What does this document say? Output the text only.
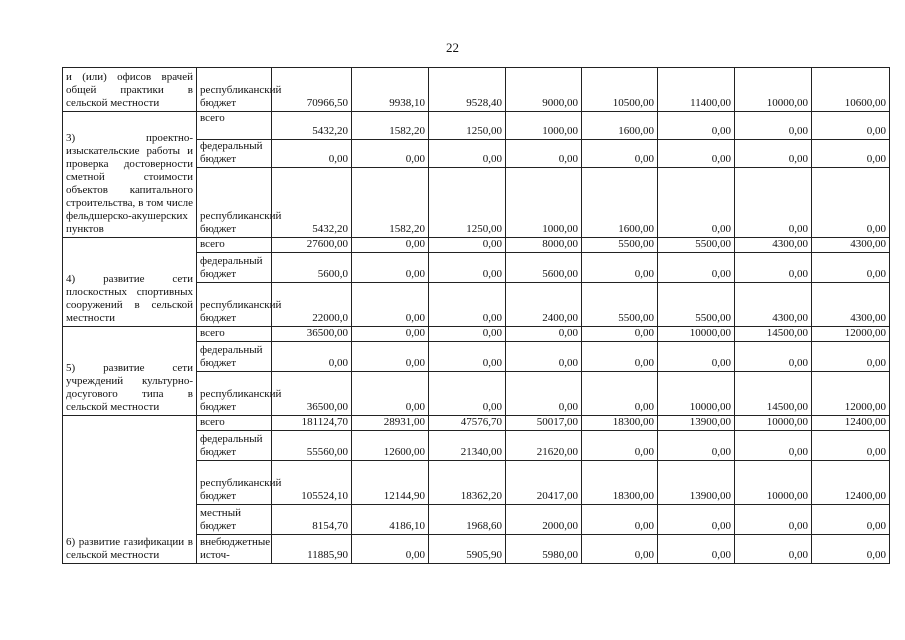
22
и (или) офисов врачей общей практики в сельской местности	республиканский бюджет	70966,50	9938,10	9528,40	9000,00	10500,00	11400,00	10000,00	10600,00

3) проектно-изыскательские работы и проверка достоверности сметной стоимости объектов капитального строительства, в том числе фельдшерско-акушерских пунктов	всего	5432,20	1582,20	1250,00	1000,00	1600,00	0,00	0,00	0,00
	федеральный бюджет	0,00	0,00	0,00	0,00	0,00	0,00	0,00	0,00
	республиканский бюджет	5432,20	1582,20	1250,00	1000,00	1600,00	0,00	0,00	0,00

4) развитие сети плоскостных спортивных сооружений в сельской местности	всего	27600,00	0,00	0,00	8000,00	5500,00	5500,00	4300,00	4300,00
	федеральный бюджет	5600,0	0,00	0,00	5600,00	0,00	0,00	0,00	0,00
	республиканский бюджет	22000,0	0,00	0,00	2400,00	5500,00	5500,00	4300,00	4300,00

5) развитие сети учреждений культурно-досугового типа в сельской местности	всего	36500,00	0,00	0,00	0,00	0,00	10000,00	14500,00	12000,00
	федеральный бюджет	0,00	0,00	0,00	0,00	0,00	0,00	0,00	0,00
	республиканский бюджет	36500,00	0,00	0,00	0,00	0,00	10000,00	14500,00	12000,00

6) развитие газификации в сельской местности	всего	181124,70	28931,00	47576,70	50017,00	18300,00	13900,00	10000,00	12400,00
	федеральный бюджет	55560,00	12600,00	21340,00	21620,00	0,00	0,00	0,00	0,00
	республиканский бюджет	105524,10	12144,90	18362,20	20417,00	18300,00	13900,00	10000,00	12400,00
	местный бюджет	8154,70	4186,10	1968,60	2000,00	0,00	0,00	0,00	0,00
	внебюджетные источ-	11885,90	0,00	5905,90	5980,00	0,00	0,00	0,00	0,00
